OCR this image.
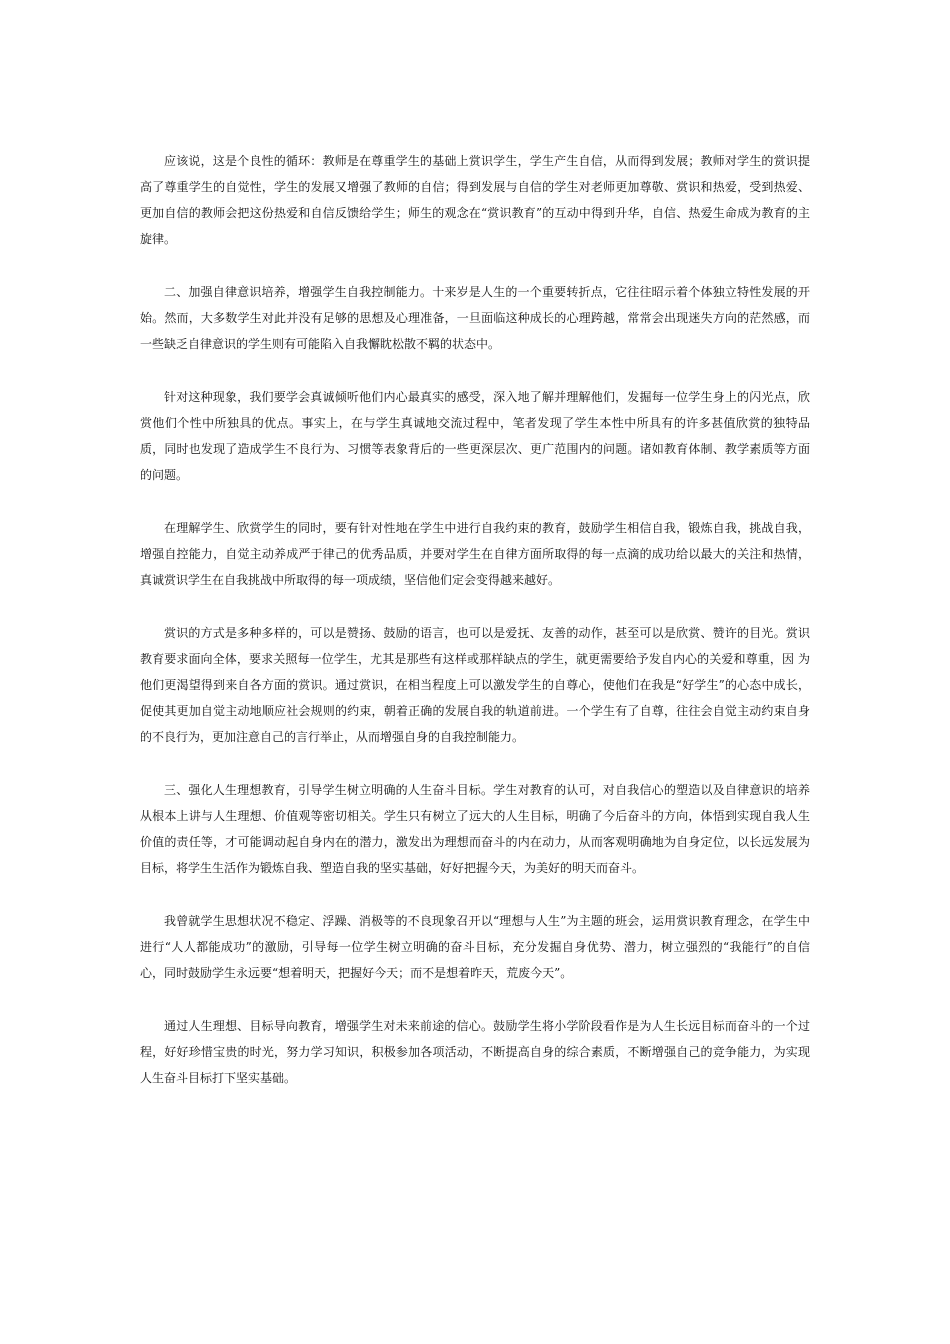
应该说，这是个良性的循环：教师是在尊重学生的基础上赏识学生，学生产生自信，从而得到发展；教师对学生的赏识提高了尊重学生的自觉性，学生的发展又增强了教师的自信；得到发展与自信的学生对老师更加尊敬、赏识和热爱，受到热爱、更加自信的教师会把这份热爱和自信反馈给学生；师生的观念在“赏识教育”的互动中得到升华，自信、热爱生命成为教育的主旋律。

二、加强自律意识培养，增强学生自我控制能力。十来岁是人生的一个重要转折点，它往往昭示着个体独立特性发展的开始。然而，大多数学生对此并没有足够的思想及心理准备，一旦面临这种成长的心理跨越，常常会出现迷失方向的茫然感，而一些缺乏自律意识的学生则有可能陷入自我懈眈松散不羁的状态中。

针对这种现象，我们要学会真诚倾听他们内心最真实的感受，深入地了解并理解他们，发掘每一位学生身上的闪光点，欣赏他们个性中所独具的优点。事实上，在与学生真诚地交流过程中，笔者发现了学生本性中所具有的许多甚值欣赏的独特品质，同时也发现了造成学生不良行为、习惯等表象背后的一些更深层次、更广范围内的问题。诸如教育体制、教学素质等方面的问题。

在理解学生、欣赏学生的同时，要有针对性地在学生中进行自我约束的教育，鼓励学生相信自我，锻炼自我，挑战自我，增强自控能力，自觉主动养成严于律己的优秀品质，并要对学生在自律方面所取得的每一点滴的成功给以最大的关注和热情，真诚赏识学生在自我挑战中所取得的每一项成绩，坚信他们定会变得越来越好。

赏识的方式是多种多样的，可以是赞扬、鼓励的语言，也可以是爱抚、友善的动作，甚至可以是欣赏、赞许的目光。赏识教育要求面向全体，要求关照每一位学生，尤其是那些有这样或那样缺点的学生，就更需要给予发自内心的关爱和尊重，因 为他们更渴望得到来自各方面的赏识。通过赏识，在相当程度上可以激发学生的自尊心，使他们在我是“好学生”的心态中成长，促使其更加自觉主动地顺应社会规则的约束，朝着正确的发展自我的轨道前进。一个学生有了自尊，往往会自觉主动约束自身的不良行为，更加注意自己的言行举止，从而增强自身的自我控制能力。

三、强化人生理想教育，引导学生树立明确的人生奋斗目标。学生对教育的认可，对自我信心的塑造以及自律意识的培养从根本上讲与人生理想、价值观等密切相关。学生只有树立了远大的人生目标，明确了今后奋斗的方向，体悟到实现自我人生价值的责任等，才可能调动起自身内在的潜力，激发出为理想而奋斗的内在动力，从而客观明确地为自身定位，以长远发展为目标，将学生生活作为锻炼自我、塑造自我的坚实基础，好好把握今天，为美好的明天而奋斗。

我曾就学生思想状况不稳定、浮躁、消极等的不良现象召开以“理想与人生”为主题的班会，运用赏识教育理念，在学生中进行“人人都能成功”的激励，引导每一位学生树立明确的奋斗目标，充分发掘自身优势、潜力，树立强烈的“我能行”的自信心，同时鼓励学生永远要“想着明天，把握好今天；而不是想着昨天，荒废今天”。

通过人生理想、目标导向教育，增强学生对未来前途的信心。鼓励学生将小学阶段看作是为人生长远目标而奋斗的一个过程，好好珍惜宝贵的时光，努力学习知识，积极参加各项活动，不断提高自身的综合素质，不断增强自己的竞争能力，为实现人生奋斗目标打下坚实基础。
